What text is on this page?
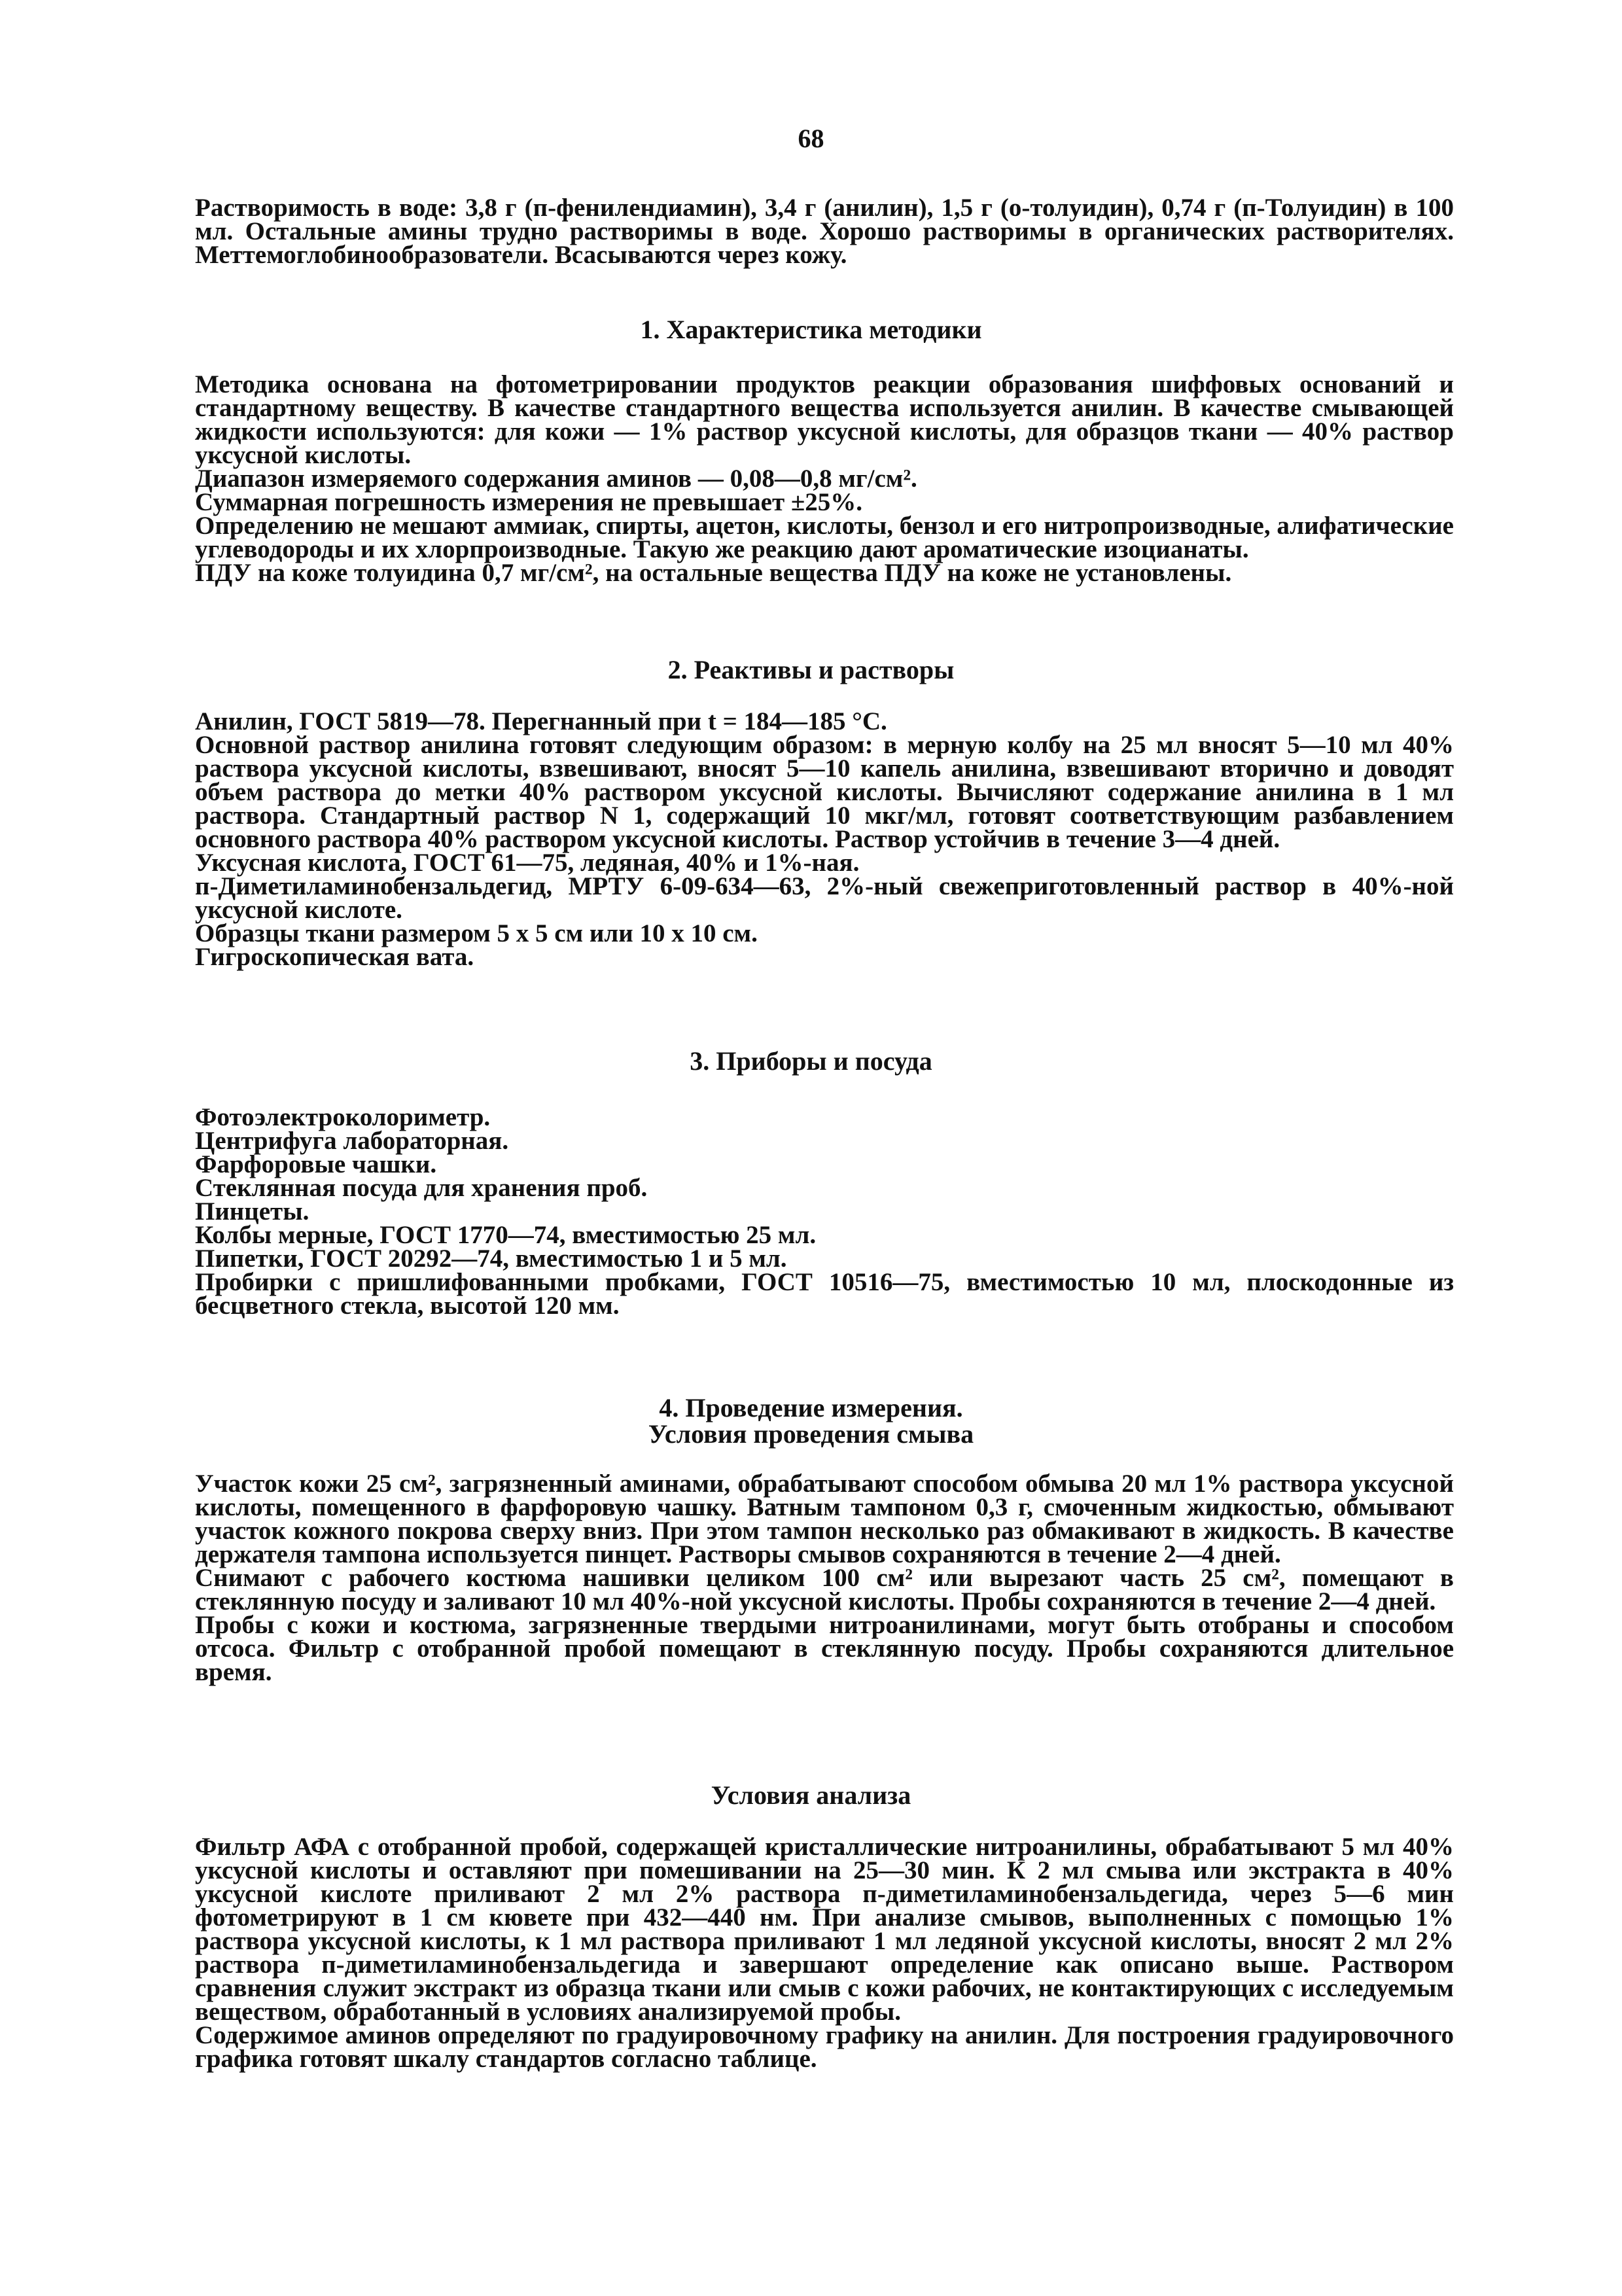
68

Растворимость в воде: 3,8 г (п-фенилендиамин), 3,4 г (анилин), 1,5 г (о-толуидин), 0,74 г (п-Толуидин) в 100 мл. Остальные амины трудно растворимы в воде. Хорошо растворимы в органических растворителях. Меттемоглобинообразователи. Всасываются через кожу.

1. Характеристика методики

Методика основана на фотометрировании продуктов реакции образования шиффовых оснований и стандартному веществу. В качестве стандартного вещества используется анилин. В качестве смывающей жидкости используются: для кожи — 1% раствор уксусной кислоты, для образцов ткани — 40% раствор уксусной кислоты.

Диапазон измеряемого содержания аминов — 0,08—0,8 мг/см².

Суммарная погрешность измерения не превышает ±25%.

Определению не мешают аммиак, спирты, ацетон, кислоты, бензол и его нитропроизводные, алифатические углеводороды и их хлорпроизводные. Такую же реакцию дают ароматические изоцианаты.

ПДУ на коже толуидина 0,7 мг/см², на остальные вещества ПДУ на коже не установлены.

2. Реактивы и растворы

Анилин, ГОСТ 5819—78. Перегнанный при t = 184—185 °С.

Основной раствор анилина готовят следующим образом: в мерную колбу на 25 мл вносят 5—10 мл 40% раствора уксусной кислоты, взвешивают, вносят 5—10 капель анилина, взвешивают вторично и доводят объем раствора до метки 40% раствором уксусной кислоты. Вычисляют содержание анилина в 1 мл раствора. Стандартный раствор N 1, содержащий 10 мкг/мл, готовят соответствующим разбавлением основного раствора 40% раствором уксусной кислоты. Раствор устойчив в течение 3—4 дней.

Уксусная кислота, ГОСТ 61—75, ледяная, 40% и 1%-ная.

п-Диметиламинобензальдегид, МРТУ 6-09-634—63, 2%-ный свежеприготовленный раствор в 40%-ной уксусной кислоте.

Образцы ткани размером 5 х 5 см или 10 х 10 см.

Гигроскопическая вата.

3. Приборы и посуда
Фотоэлектроколориметр.
Центрифуга лабораторная.
Фарфоровые чашки.
Стеклянная посуда для хранения проб.
Пинцеты.
Колбы мерные, ГОСТ 1770—74, вместимостью 25 мл.
Пипетки, ГОСТ 20292—74, вместимостью 1 и 5 мл.

Пробирки с пришлифованными пробками, ГОСТ 10516—75, вместимостью 10 мл, плоскодонные из бесцветного стекла, высотой 120 мм.

4. Проведение измерения.
Условия проведения смыва

Участок кожи 25 см², загрязненный аминами, обрабатывают способом обмыва 20 мл 1% раствора уксусной кислоты, помещенного в фарфоровую чашку. Ватным тампоном 0,3 г, смоченным жидкостью, обмывают участок кожного покрова сверху вниз. При этом тампон несколько раз обмакивают в жидкость. В качестве держателя тампона используется пинцет. Растворы смывов сохраняются в течение 2—4 дней.

Снимают с рабочего костюма нашивки целиком 100 см² или вырезают часть 25 см², помещают в стеклянную посуду и заливают 10 мл 40%-ной уксусной кислоты. Пробы сохраняются в течение 2—4 дней.

Пробы с кожи и костюма, загрязненные твердыми нитроанилинами, могут быть отобраны и способом отсоса. Фильтр с отобранной пробой помещают в стеклянную посуду. Пробы сохраняются длительное время.

Условия анализа

Фильтр АФА с отобранной пробой, содержащей кристаллические нитроанилины, обрабатывают 5 мл 40% уксусной кислоты и оставляют при помешивании на 25—30 мин. К 2 мл смыва или экстракта в 40% уксусной кислоте приливают 2 мл 2% раствора п-диметиламинобензальдегида, через 5—6 мин фотометрируют в 1 см кювете при 432—440 нм. При анализе смывов, выполненных с помощью 1% раствора уксусной кислоты, к 1 мл раствора приливают 1 мл ледяной уксусной кислоты, вносят 2 мл 2% раствора п-диметиламинобензальдегида и завершают определение как описано выше. Раствором сравнения служит экстракт из образца ткани или смыв с кожи рабочих, не контактирующих с исследуемым веществом, обработанный в условиях анализируемой пробы.

Содержимое аминов определяют по градуировочному графику на анилин. Для построения градуировочного графика готовят шкалу стандартов согласно таблице.
